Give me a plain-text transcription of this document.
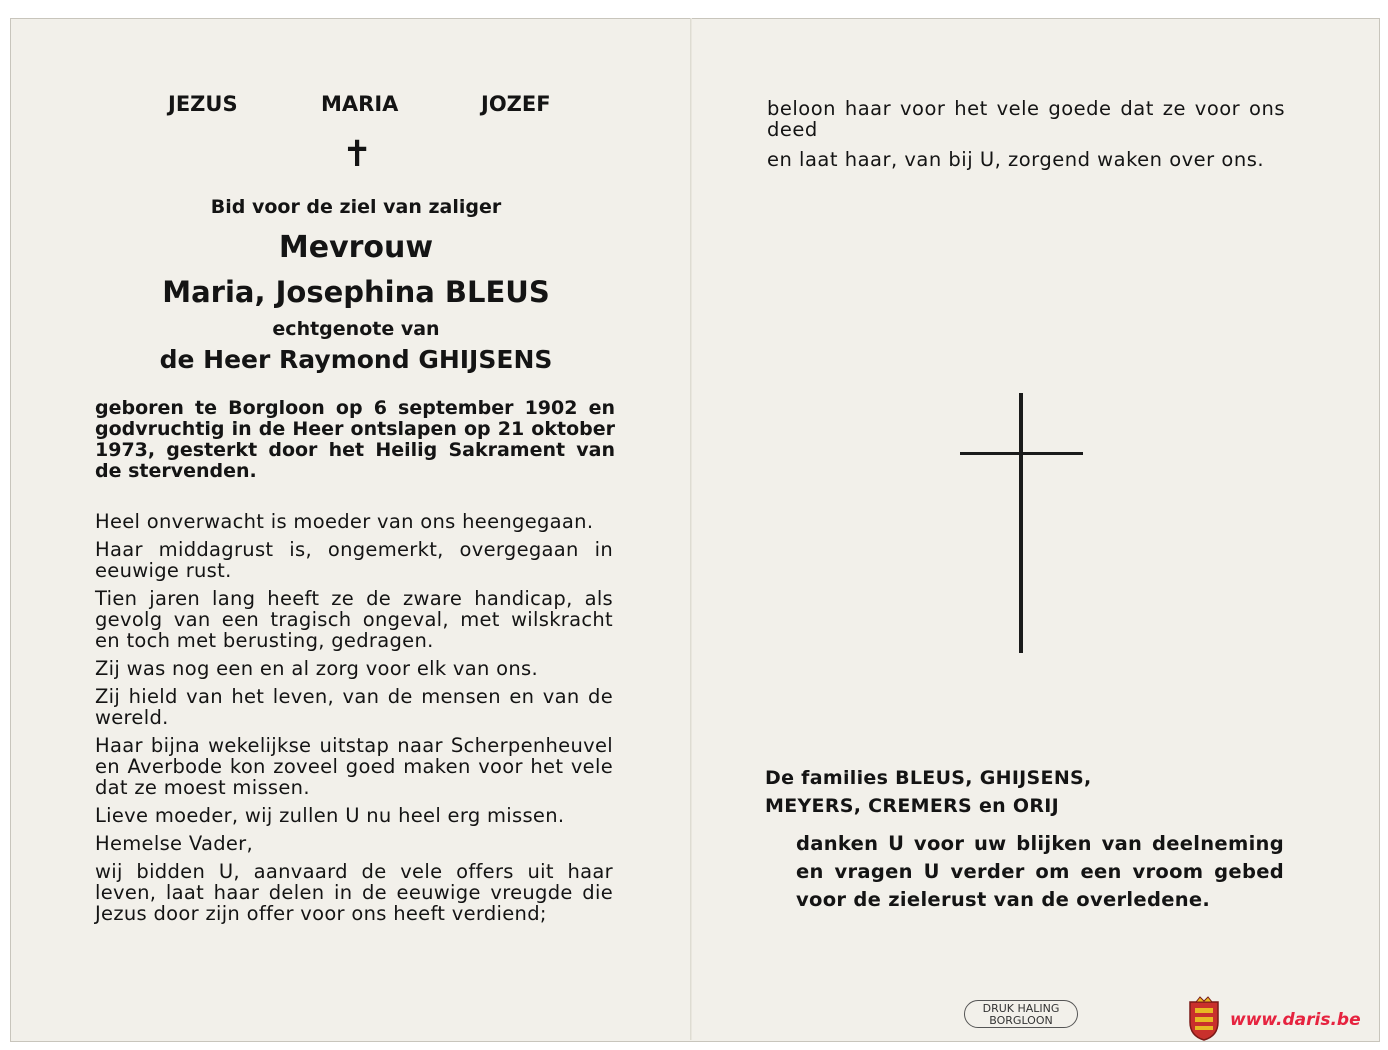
JEZUS	MARIA	JOZEF
✝
Bid voor de ziel van zaliger
Mevrouw
Maria, Josephina BLEUS
echtgenote van
de Heer Raymond GHIJSENS
geboren te Borgloon op 6 september 1902 en godvruchtig in de Heer ontslapen op 21 oktober 1973, gesterkt door het Heilig Sakrament van de stervenden.

Heel onverwacht is moeder van ons heengegaan.

Haar middagrust is, ongemerkt, overgegaan in eeuwige rust.

Tien jaren lang heeft ze de zware handicap, als gevolg van een tragisch ongeval, met wilskracht en toch met berusting, gedragen.

Zij was nog een en al zorg voor elk van ons.

Zij hield van het leven, van de mensen en van de wereld.

Haar bijna wekelijkse uitstap naar Scherpenheuvel en Averbode kon zoveel goed maken voor het vele dat ze moest missen.

Lieve moeder, wij zullen U nu heel erg missen.

Hemelse Vader,

wij bidden U, aanvaard de vele offers uit haar leven, laat haar delen in de eeuwige vreugde die Jezus door zijn offer voor ons heeft verdiend;

beloon haar voor het vele goede dat ze voor ons deed

en laat haar, van bij U, zorgend waken over ons.

De families BLEUS, GHIJSENS,
MEYERS, CREMERS en ORIJ
danken U voor uw blijken van deelneming en vragen U verder om een vroom gebed voor de zielerust van de overledene.
DRUK HALING
BORGLOON	www.daris.be
